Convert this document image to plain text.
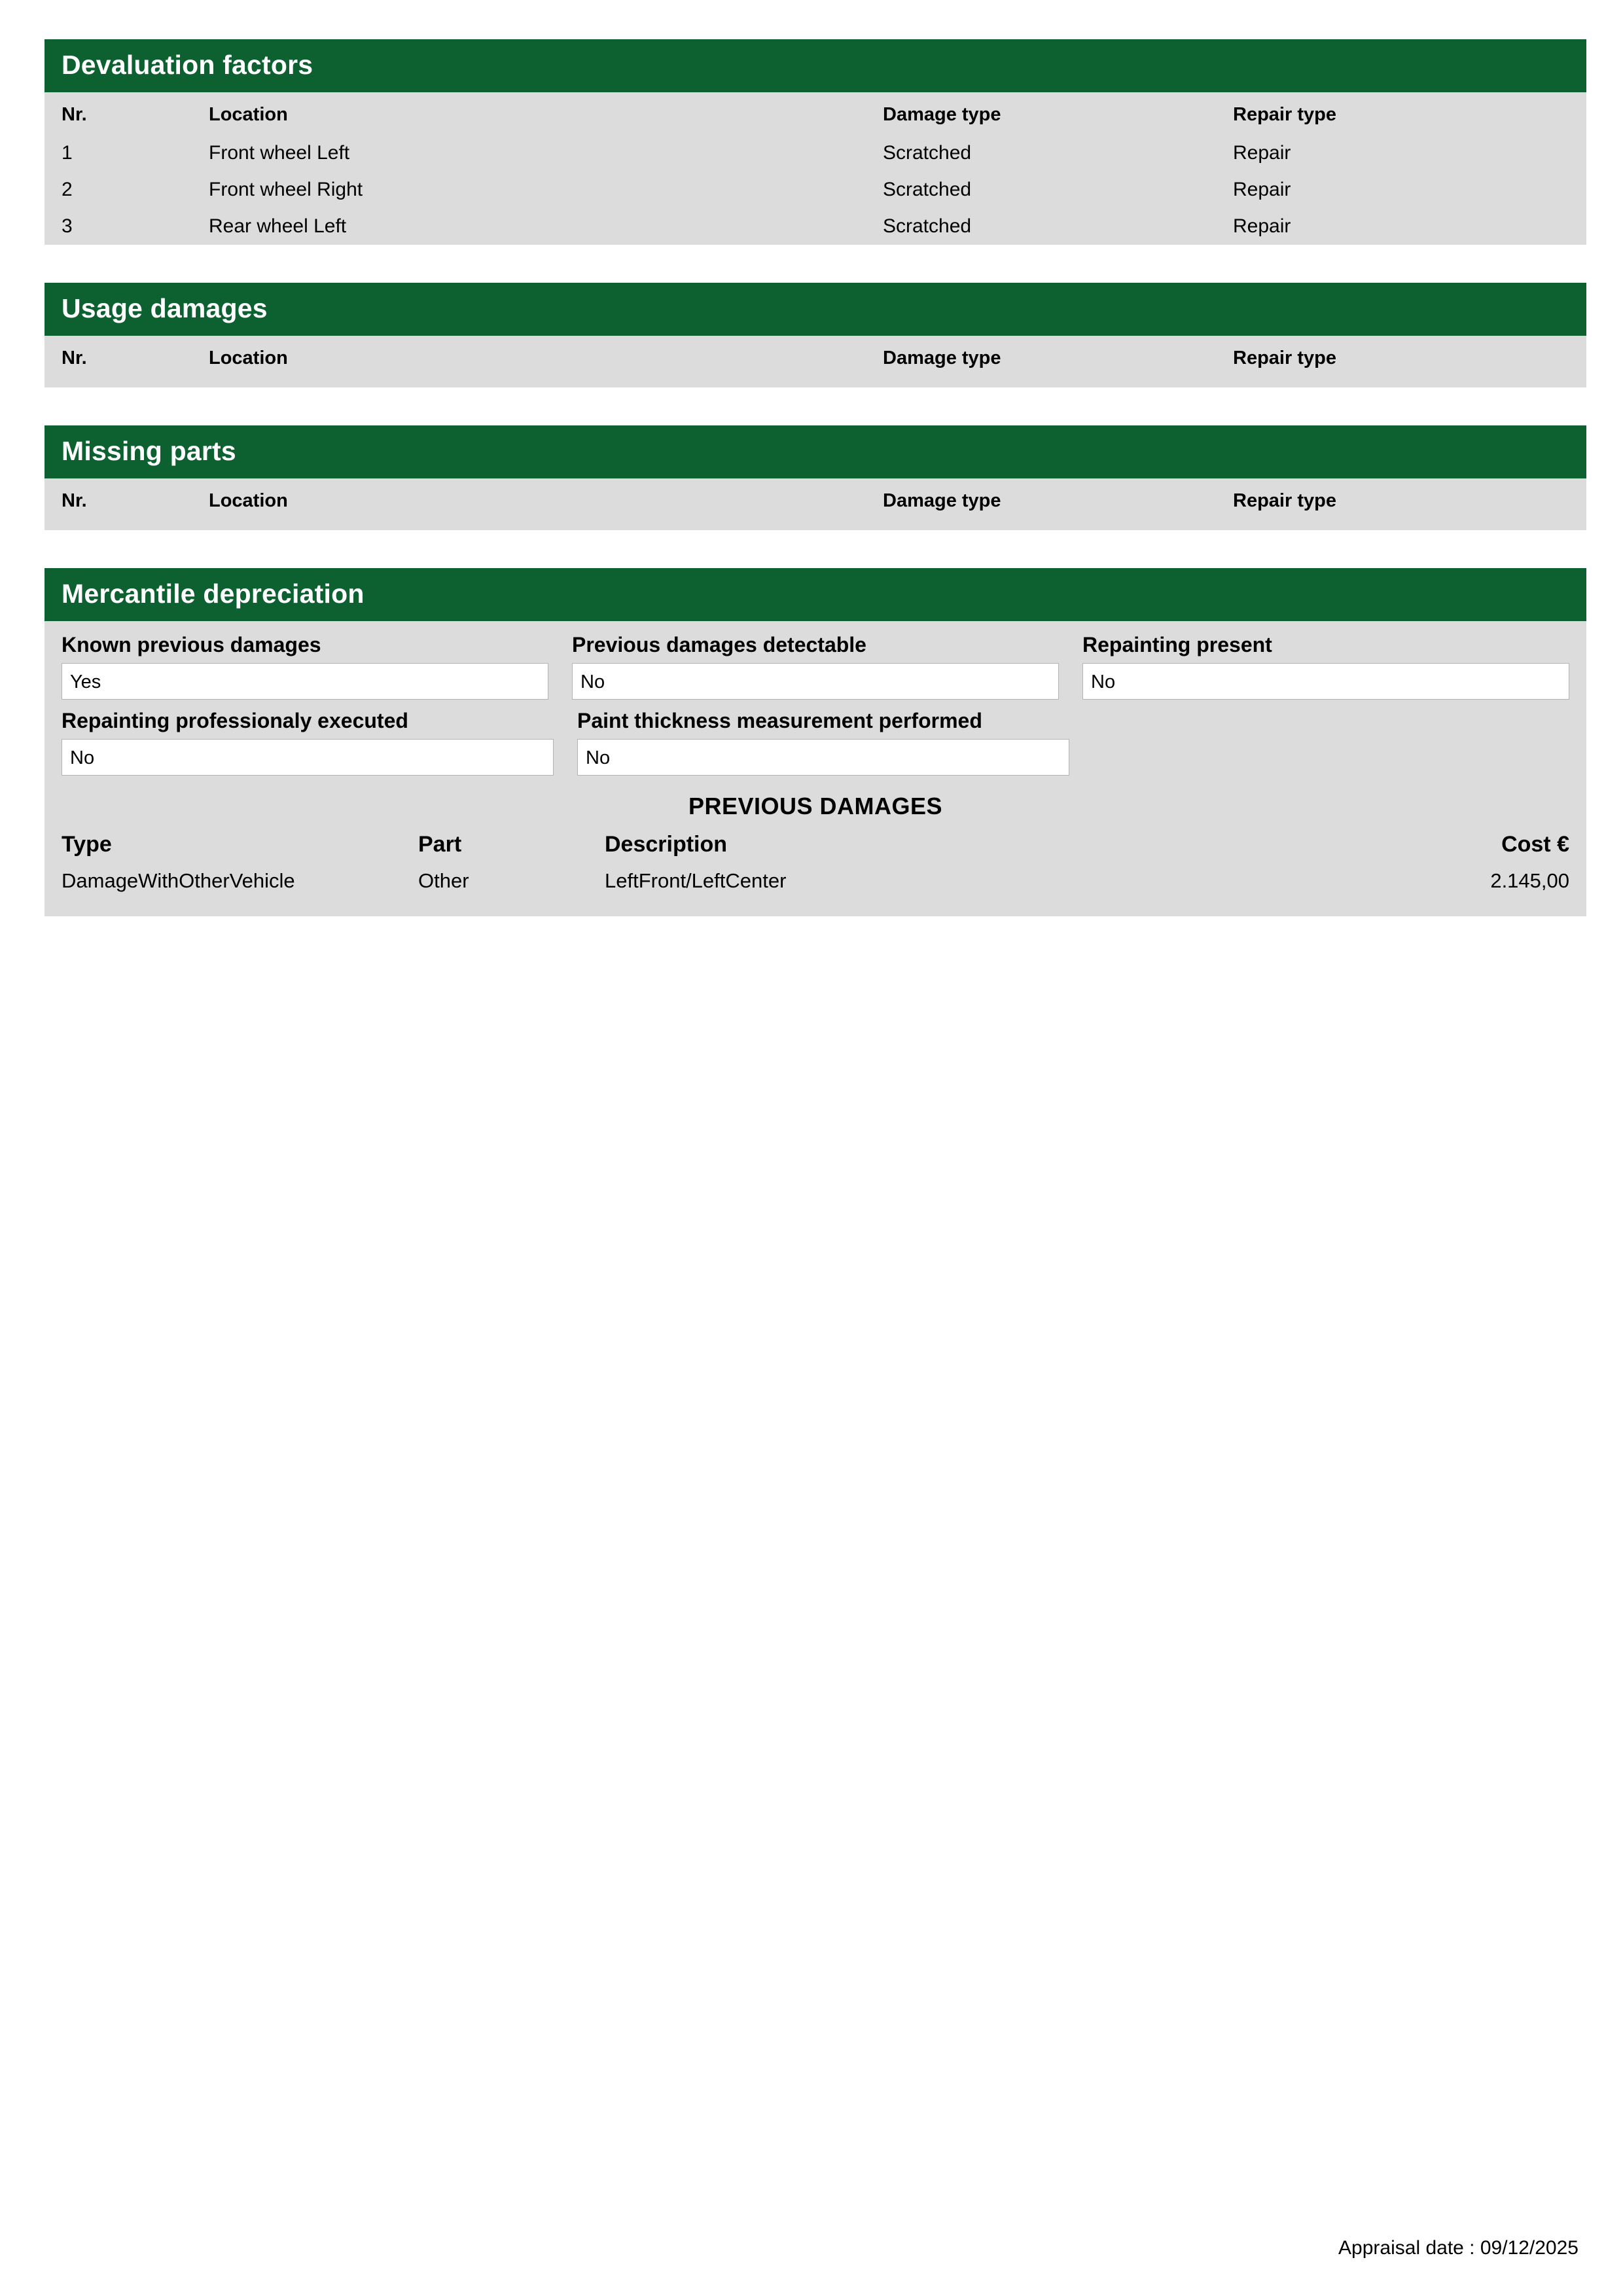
Devaluation factors
Nr.	Location	Damage type	Repair type
1	Front wheel Left	Scratched	Repair
2	Front wheel Right	Scratched	Repair
3	Rear wheel Left	Scratched	Repair
Usage damages
Nr.	Location	Damage type	Repair type
Missing parts
Nr.	Location	Damage type	Repair type
Mercantile depreciation
Known previous damages
Yes
Previous damages detectable
No
Repainting present
No
Repainting professionaly executed
No
Paint thickness measurement performed
No
PREVIOUS DAMAGES
Type	Part	Description	Cost €
DamageWithOtherVehicle	Other	LeftFront/LeftCenter	2.145,00
Appraisal date : 09/12/2025
